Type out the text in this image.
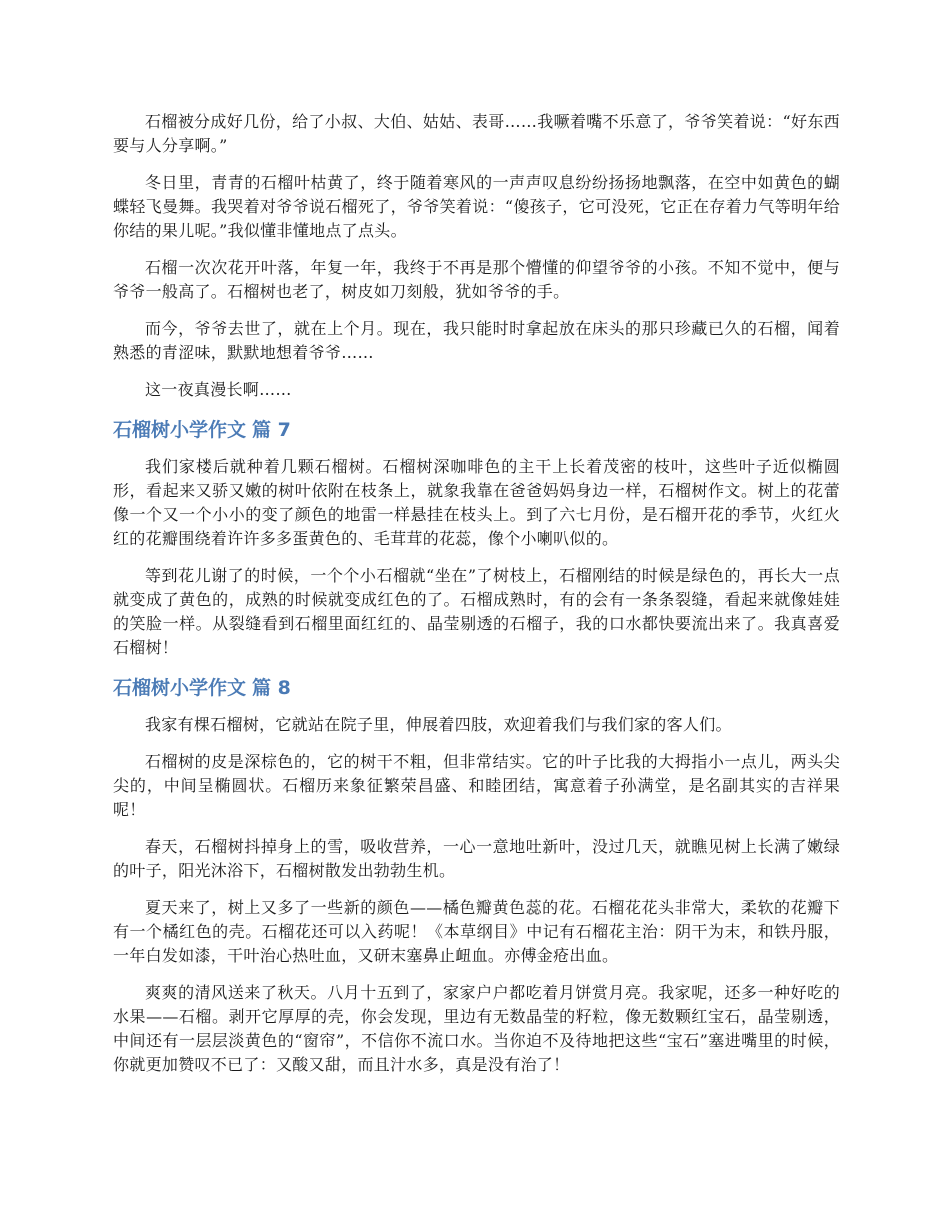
石榴被分成好几份，给了小叔、大伯、姑姑、表哥……我噘着嘴不乐意了，爷爷笑着说：“好东西要与人分享啊。”

冬日里，青青的石榴叶枯黄了，终于随着寒风的一声声叹息纷纷扬扬地飘落，在空中如黄色的蝴蝶轻飞曼舞。我哭着对爷爷说石榴死了，爷爷笑着说：“傻孩子，它可没死，它正在存着力气等明年给你结的果儿呢。”我似懂非懂地点了点头。

石榴一次次花开叶落，年复一年，我终于不再是那个懵懂的仰望爷爷的小孩。不知不觉中，便与爷爷一般高了。石榴树也老了，树皮如刀刻般，犹如爷爷的手。

而今，爷爷去世了，就在上个月。现在，我只能时时拿起放在床头的那只珍藏已久的石榴，闻着熟悉的青涩味，默默地想着爷爷……

这一夜真漫长啊……

石榴树小学作文 篇 7

我们家楼后就种着几颗石榴树。石榴树深咖啡色的主干上长着茂密的枝叶，这些叶子近似椭圆形，看起来又骄又嫩的树叶依附在枝条上，就象我靠在爸爸妈妈身边一样，石榴树作文。树上的花蕾像一个又一个小小的变了颜色的地雷一样悬挂在枝头上。到了六七月份，是石榴开花的季节，火红火红的花瓣围绕着许许多多蛋黄色的、毛茸茸的花蕊，像个小喇叭似的。

等到花儿谢了的时候，一个个小石榴就“坐在”了树枝上，石榴刚结的时候是绿色的，再长大一点就变成了黄色的，成熟的时候就变成红色的了。石榴成熟时，有的会有一条条裂缝，看起来就像娃娃的笑脸一样。从裂缝看到石榴里面红红的、晶莹剔透的石榴子，我的口水都快要流出来了。我真喜爱石榴树！

石榴树小学作文 篇 8

我家有棵石榴树，它就站在院子里，伸展着四肢，欢迎着我们与我们家的客人们。

石榴树的皮是深棕色的，它的树干不粗，但非常结实。它的叶子比我的大拇指小一点儿，两头尖尖的，中间呈椭圆状。石榴历来象征繁荣昌盛、和睦团结，寓意着子孙满堂，是名副其实的吉祥果呢！

春天，石榴树抖掉身上的雪，吸收营养，一心一意地吐新叶，没过几天，就瞧见树上长满了嫩绿的叶子，阳光沐浴下，石榴树散发出勃勃生机。

夏天来了，树上又多了一些新的颜色——橘色瓣黄色蕊的花。石榴花花头非常大，柔软的花瓣下有一个橘红色的壳。石榴花还可以入药呢！《本草纲目》中记有石榴花主治：阴干为末，和铁丹服，一年白发如漆，干叶治心热吐血，又研末塞鼻止衄血。亦傅金疮出血。

爽爽的清风送来了秋天。八月十五到了，家家户户都吃着月饼赏月亮。我家呢，还多一种好吃的水果——石榴。剥开它厚厚的壳，你会发现，里边有无数晶莹的籽粒，像无数颗红宝石，晶莹剔透，中间还有一层层淡黄色的“窗帘”，不信你不流口水。当你迫不及待地把这些“宝石”塞进嘴里的时候，你就更加赞叹不已了：又酸又甜，而且汁水多，真是没有治了！
